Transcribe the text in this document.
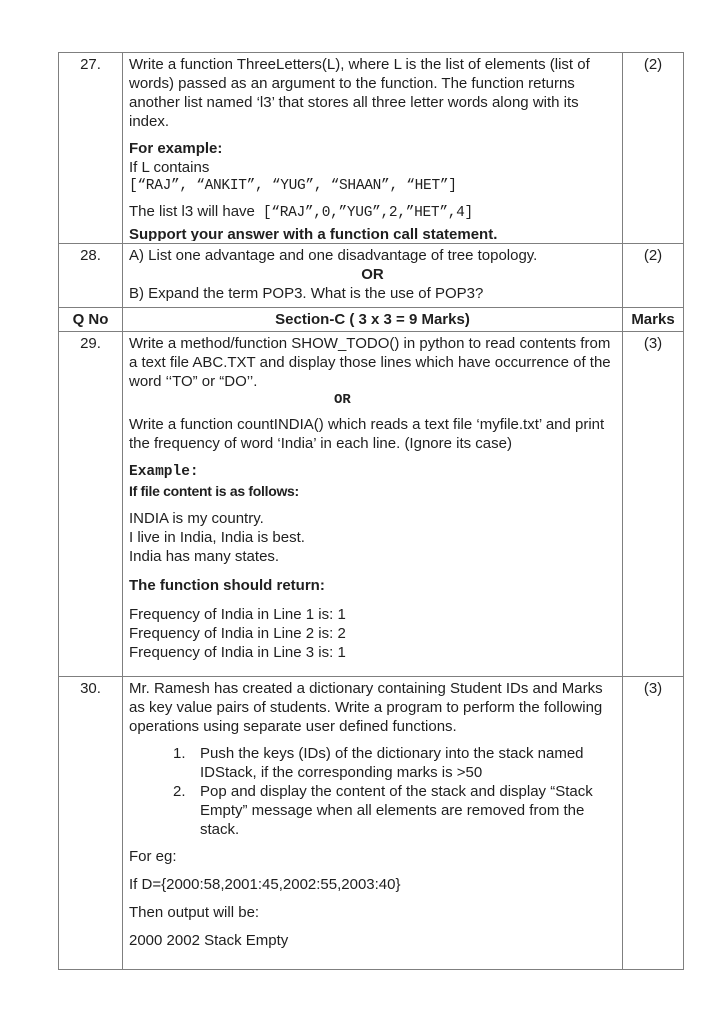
27.	Write a function ThreeLetters(L), where L is the list of elements (list of words) passed as an argument to the function. The function returns another list named ‘l3’ that stores all three letter words along with its index.

For example:
If L contains
[“RAJ”, “ANKIT”, “YUG”, “SHAAN”, “HET”]
The list l3 will have [“RAJ”,0,”YUG”,2,”HET”,4]
Support your answer with a function call statement.
	(2)
28.	A) List one advantage and one disadvantage of tree topology.
OR
B) Expand the term POP3. What is the use of POP3?	(2)
Q No	Section-C ( 3 x 3 = 9 Marks)	Marks
29.	Write a method/function SHOW_TODO() in python to read contents from a text file ABC.TXT and display those lines which have occurrence of the word ‘‘TO” or “DO’’.

OR

Write a function countINDIA() which reads a text file ‘myfile.txt’ and print the frequency of word ‘India’ in each line. (Ignore its case)

Example:
If file content is as follows:
INDIA is my country.
I live in India, India is best.
India has many states.
The function should return:
Frequency of India in Line 1 is: 1
Frequency of India in Line 2 is: 2
Frequency of India in Line 3 is: 1
	(3)
30.	Mr. Ramesh has created a dictionary containing Student IDs and Marks as key value pairs of students. Write a program to perform the following operations using separate user defined functions.

1. Push the keys (IDs) of the dictionary into the stack named IDStack, if the corresponding marks is >50
2. Pop and display the content of the stack and display “Stack Empty” message when all elements are removed from the stack.

For eg:

If D={2000:58,2001:45,2002:55,2003:40}

Then output will be:

2000 2002 Stack Empty

	(3)
